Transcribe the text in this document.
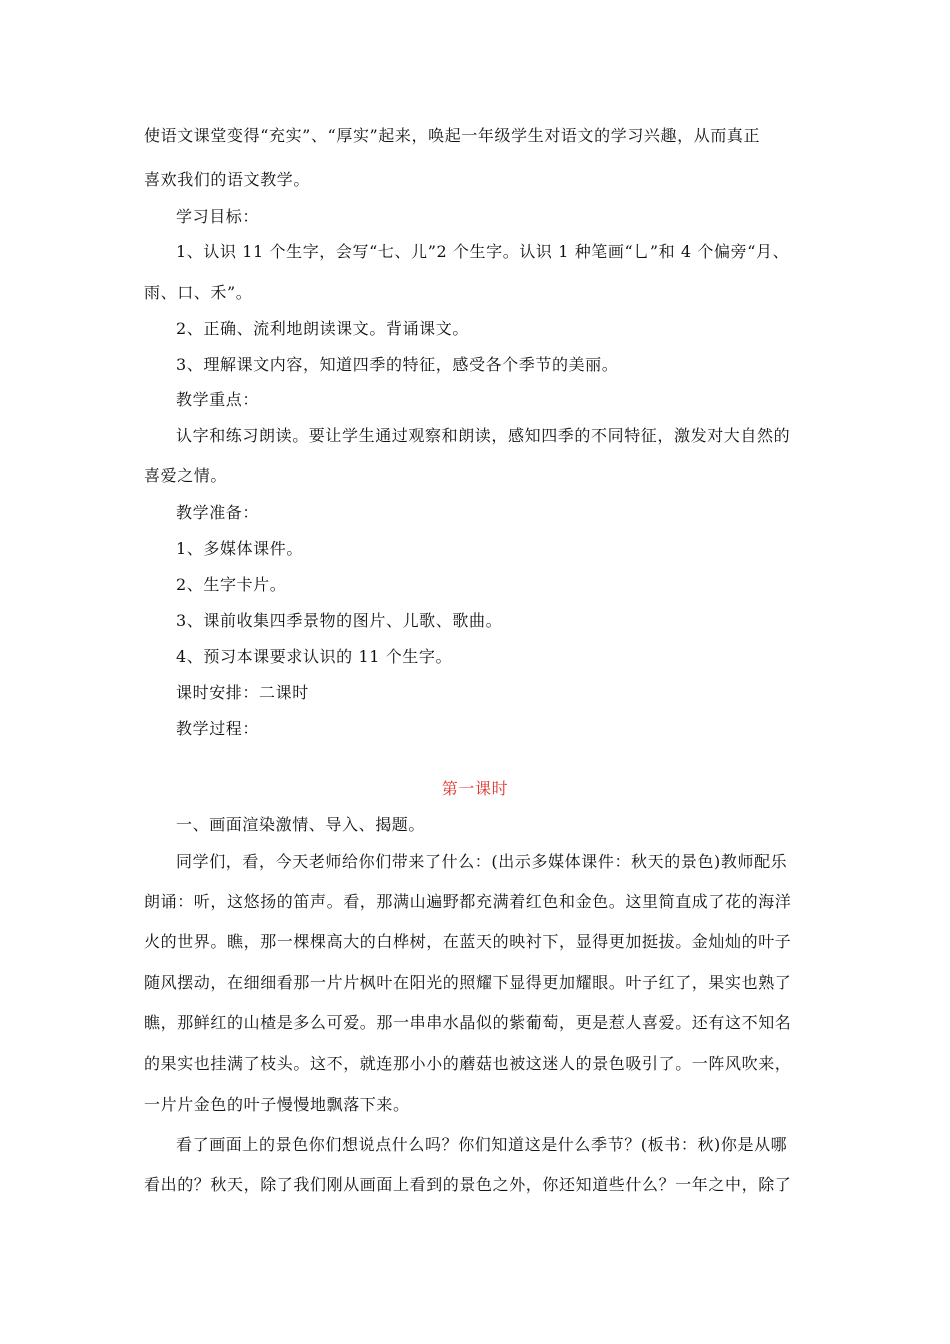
使语文课堂变得“充实”、“厚实”起来，唤起一年级学生对语文的学习兴趣，从而真正
喜欢我们的语文教学。
学习目标：
1、认识 11 个生字，会写“七、儿”2 个生字。认识 1 种笔画“乚”和 4 个偏旁“月、
雨、口、禾”。
2、正确、流利地朗读课文。背诵课文。
3、理解课文内容，知道四季的特征，感受各个季节的美丽。
教学重点：
认字和练习朗读。要让学生通过观察和朗读，感知四季的不同特征，激发对大自然的
喜爱之情。
教学准备：
1、多媒体课件。
2、生字卡片。
3、课前收集四季景物的图片、儿歌、歌曲。
4、预习本课要求认识的 11 个生字。
课时安排：二课时
教学过程：
第一课时
一、画面渲染激情、导入、揭题。
同学们，看，今天老师给你们带来了什么：(出示多媒体课件：秋天的景色)教师配乐
朗诵：听，这悠扬的笛声。看，那满山遍野都充满着红色和金色。这里简直成了花的海洋
火的世界。瞧，那一棵棵高大的白桦树，在蓝天的映衬下，显得更加挺拔。金灿灿的叶子
随风摆动，在细细看那一片片枫叶在阳光的照耀下显得更加耀眼。叶子红了，果实也熟了
瞧，那鲜红的山楂是多么可爱。那一串串水晶似的紫葡萄，更是惹人喜爱。还有这不知名
的果实也挂满了枝头。这不，就连那小小的蘑菇也被这迷人的景色吸引了。一阵风吹来，
一片片金色的叶子慢慢地飘落下来。
看了画面上的景色你们想说点什么吗？你们知道这是什么季节？(板书：秋)你是从哪
看出的？秋天，除了我们刚从画面上看到的景色之外，你还知道些什么？一年之中，除了
